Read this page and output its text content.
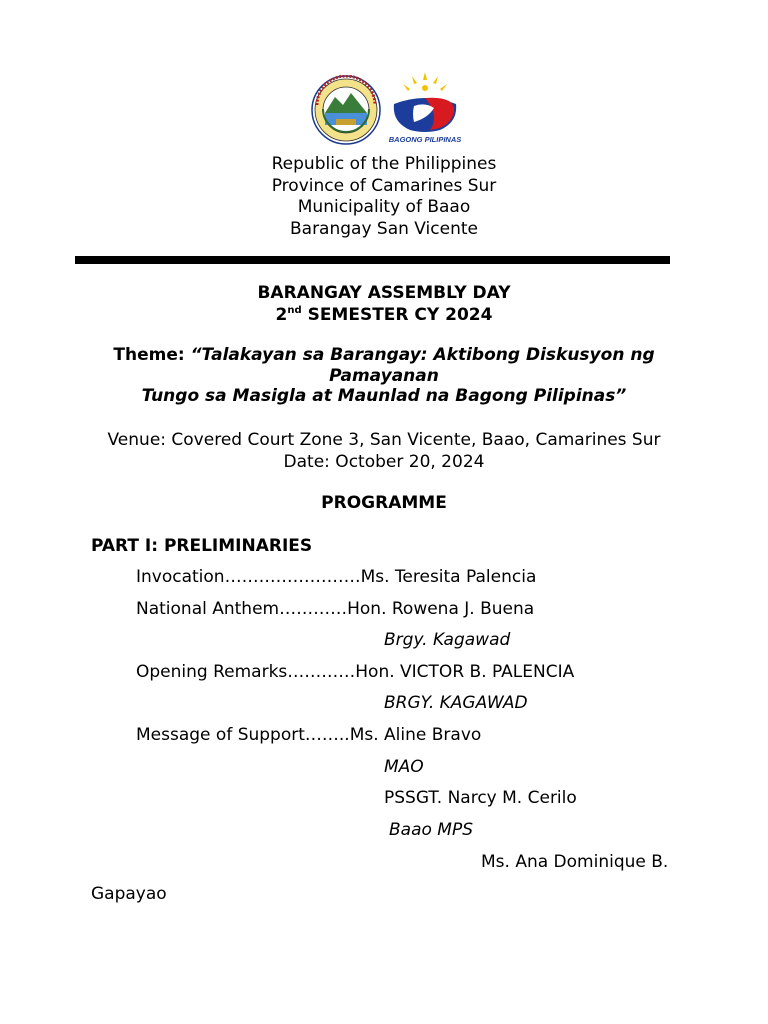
BAGONG PILIPINAS
Republic of the Philippines
Province of Camarines Sur
Municipality of Baao
Barangay San Vicente
BARANGAY ASSEMBLY DAY
2nd SEMESTER CY 2024
Theme: “Talakayan sa Barangay: Aktibong Diskusyon ng
Pamayanan
Tungo sa Masigla at Maunlad na Bagong Pilipinas”
Venue: Covered Court Zone 3, San Vicente, Baao, Camarines Sur
Date: October 20, 2024
PROGRAMME
PART I: PRELIMINARIES
Invocation……………………Ms. Teresita Palencia
National Anthem…………Hon. Rowena J. Buena
Brgy. Kagawad
Opening Remarks…………Hon. VICTOR B. PALENCIA
BRGY. KAGAWAD
Message of Support……..Ms. Aline Bravo
MAO
PSSGT. Narcy M. Cerilo
Baao MPS
Ms. Ana Dominique B.
Gapayao
